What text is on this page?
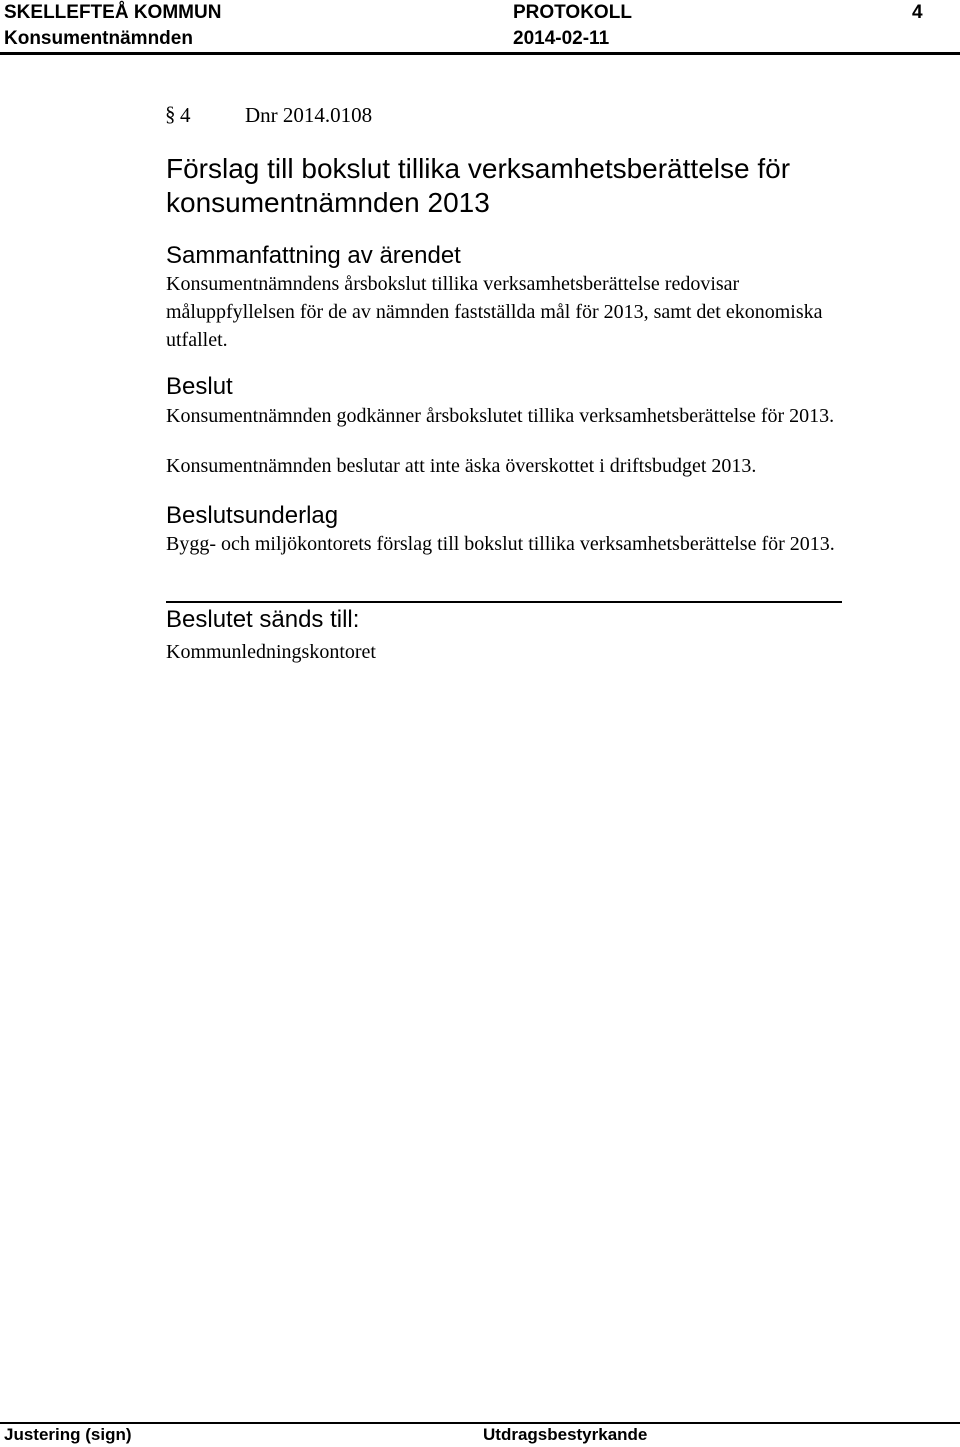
SKELLEFTEÅ KOMMUN	PROTOKOLL	4
Konsumentnämnden	2014-02-11
§ 4	Dnr 2014.0108
Förslag till bokslut tillika verksamhetsberättelse för
konsumentnämnden 2013
Sammanfattning av ärendet
Konsumentnämndens årsbokslut tillika verksamhetsberättelse redovisar
måluppfyllelsen för de av nämnden fastställda mål för 2013, samt det ekonomiska
utfallet.
Beslut
Konsumentnämnden godkänner årsbokslutet tillika verksamhetsberättelse för 2013.
Konsumentnämnden beslutar att inte äska överskottet i driftsbudget 2013.
Beslutsunderlag
Bygg- och miljökontorets förslag till bokslut tillika verksamhetsberättelse för 2013.
Beslutet sänds till:
Kommunledningskontoret
Justering (sign)	Utdragsbestyrkande
